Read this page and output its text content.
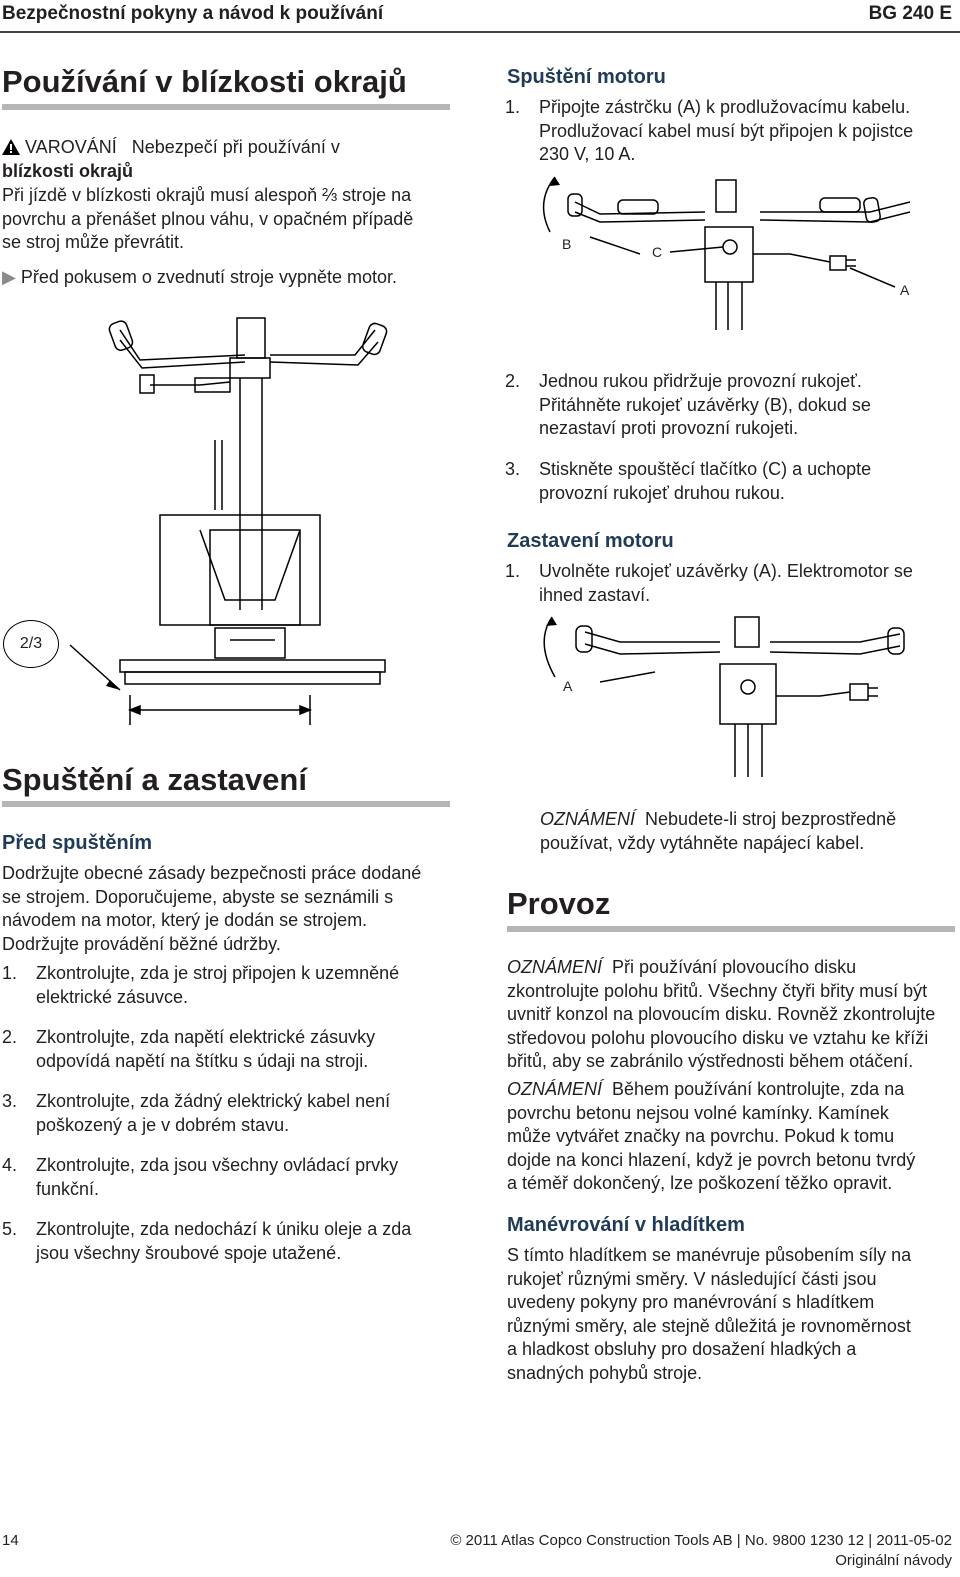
Bezpečnostní pokyny a návod k používání	BG 240 E
Používání v blízkosti okrajů
VAROVÁNÍ Nebezpečí při používání v
blízkosti okrajů
Při jízdě v blízkosti okrajů musí alespoň ⅔ stroje na
povrchu a přenášet plnou váhu, v opačném případě
se stroj může převrátit.
▶ Před pokusem o zvednutí stroje vypněte motor.
2/3
Spuštění motoru
1. Připojte zástrčku (A) k prodlužovacímu kabelu.
Prodlužovací kabel musí být připojen k pojistce
230 V, 10 A.
B	C
A
2. Jednou rukou přidržuje provozní rukojeť.
Přitáhněte rukojeť uzávěrky (B), dokud se
nezastaví proti provozní rukojeti.
3. Stiskněte spouštěcí tlačítko (C) a uchopte
provozní rukojeť druhou rukou.
Zastavení motoru
1. Uvolněte rukojeť uzávěrky (A). Elektromotor se
ihned zastaví.
A
Spuštění a zastavení
Před spuštěním
Dodržujte obecné zásady bezpečnosti práce dodané
se strojem. Doporučujeme, abyste se seznámili s
návodem na motor, který je dodán se strojem.
Dodržujte provádění běžné údržby.
1. Zkontrolujte, zda je stroj připojen k uzemněné
elektrické zásuvce.
2. Zkontrolujte, zda napětí elektrické zásuvky
odpovídá napětí na štítku s údaji na stroji.
3. Zkontrolujte, zda žádný elektrický kabel není
poškozený a je v dobrém stavu.
4. Zkontrolujte, zda jsou všechny ovládací prvky
funkční.
5. Zkontrolujte, zda nedochází k úniku oleje a zda
jsou všechny šroubové spoje utažené.
OZNÁMENÍ Nebudete-li stroj bezprostředně
používat, vždy vytáhněte napájecí kabel.
Provoz
OZNÁMENÍ Při používání plovoucího disku
zkontrolujte polohu břitů. Všechny čtyři břity musí být
uvnitř konzol na plovoucím disku. Rovněž zkontrolujte
středovou polohu plovoucího disku ve vztahu ke kříži
břitů, aby se zabránilo výstřednosti během otáčení.
OZNÁMENÍ Během používání kontrolujte, zda na
povrchu betonu nejsou volné kamínky. Kamínek
může vytvářet značky na povrchu. Pokud k tomu
dojde na konci hlazení, když je povrch betonu tvrdý
a téměř dokončený, lze poškození těžko opravit.
Manévrování v hladítkem
S tímto hladítkem se manévruje působením síly na
rukojeť různými směry. V následující části jsou
uvedeny pokyny pro manévrování s hladítkem
různými směry, ale stejně důležitá je rovnoměrnost
a hladkost obsluhy pro dosažení hladkých a
snadných pohybů stroje.
14	© 2011 Atlas Copco Construction Tools AB | No. 9800 1230 12 | 2011-05-02
Originální návody
